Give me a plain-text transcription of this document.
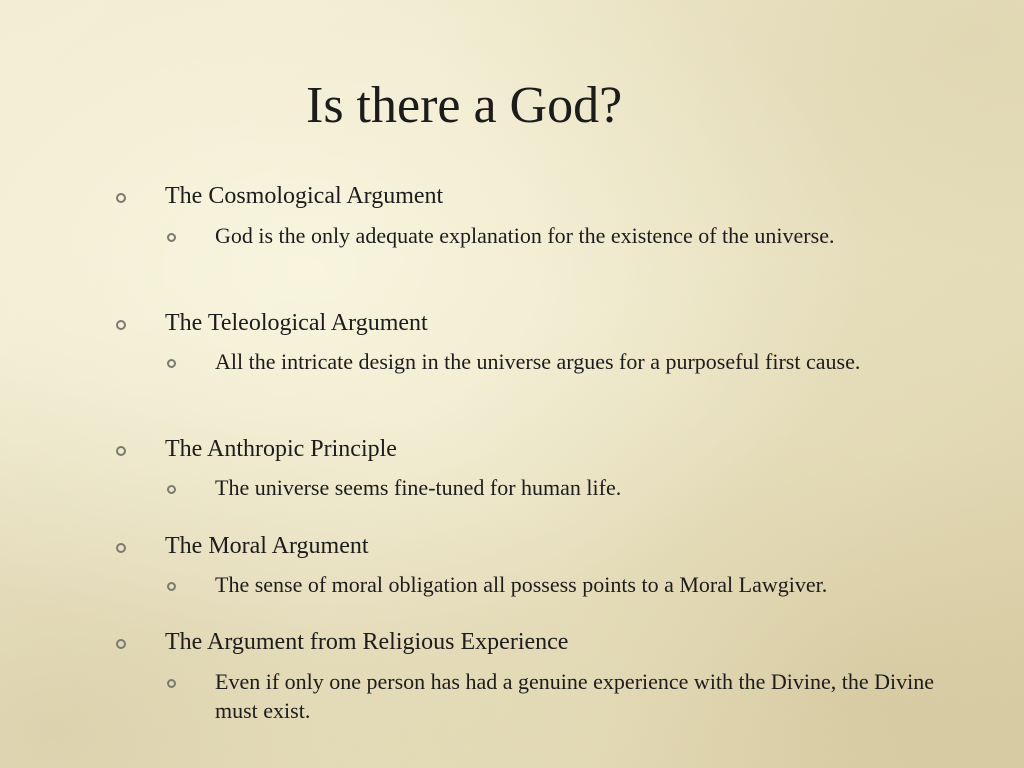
Is there a God?
The Cosmological Argument
God is the only adequate explanation for the existence of the universe.
The Teleological Argument
All the intricate design in the universe argues for a purposeful first cause.
The Anthropic Principle
The universe seems fine-tuned for human life.
The Moral Argument
The sense of moral obligation all possess points to a Moral Lawgiver.
The Argument from Religious Experience
Even if only one person has had a genuine experience with the Divine, the Divine must exist.
